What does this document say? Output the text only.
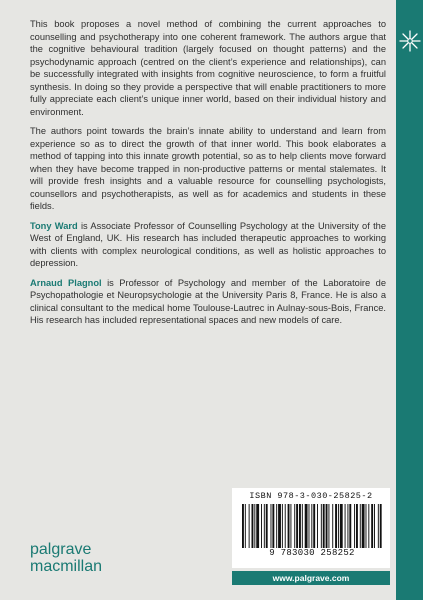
This book proposes a novel method of combining the current approaches to counselling and psychotherapy into one coherent framework. The authors argue that the cognitive behavioural tradition (largely focused on thought patterns) and the psychodynamic approach (centred on the client’s experience and relationships), can be successfully integrated with insights from cognitive neuroscience, to form a fruitful synthesis. In doing so they provide a perspective that will enable practitioners to more fully appreciate each client’s unique inner world, based on their individual history and environment.

The authors point towards the brain’s innate ability to understand and learn from experience so as to direct the growth of that inner world. This book elaborates a method of tapping into this innate growth potential, so as to help clients move forward when they have become trapped in non-productive patterns or mental stalemates. It will provide fresh insights and a valuable resource for counselling psychologists, counsellors and psychotherapists, as well as for academics and students in these fields.

Tony Ward is Associate Professor of Counselling Psychology at the University of the West of England, UK. His research has included therapeutic approaches to working with clients with complex neurological conditions, as well as holistic approaches to depression.

Arnaud Plagnol is Professor of Psychology and member of the Laboratoire de Psychopathologie et Neuropsychologie at the University Paris 8, France. He is also a clinical consultant to the medical home Toulouse-Lautrec in Aulnay-sous-Bois, France. His research has included representational spaces and new models of care.

ISBN 978-3-030-25825-2
9 783030 258252
www.palgrave.com
palgrave
macmillan
